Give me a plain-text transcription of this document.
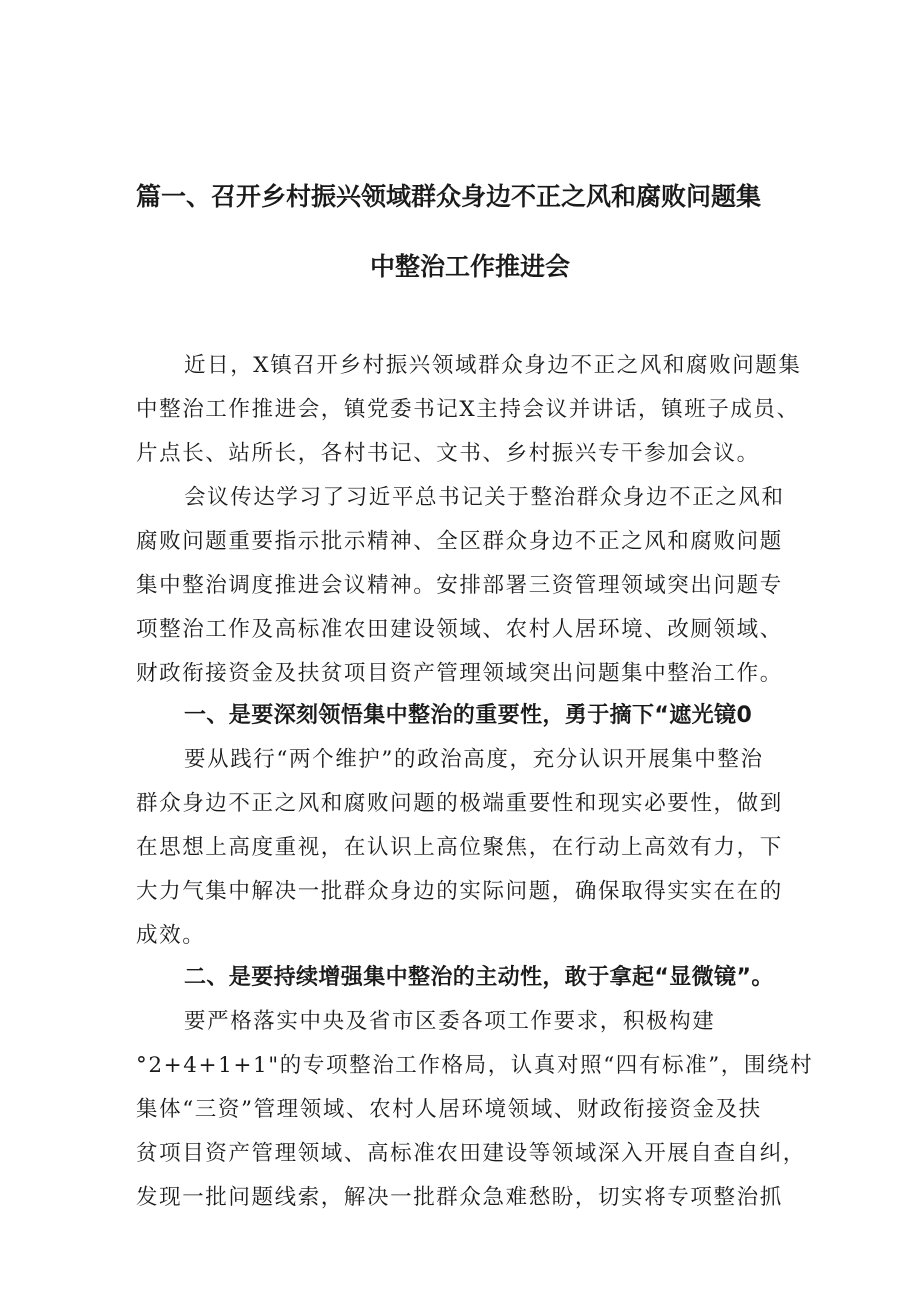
篇一、召开乡村振兴领域群众身边不正之风和腐败问题集
中整治工作推进会
近日，X镇召开乡村振兴领域群众身边不正之风和腐败问题集
中整治工作推进会，镇党委书记X主持会议并讲话，镇班子成员、
片点长、站所长，各村书记、文书、乡村振兴专干参加会议。
会议传达学习了习近平总书记关于整治群众身边不正之风和
腐败问题重要指示批示精神、全区群众身边不正之风和腐败问题
集中整治调度推进会议精神。安排部署三资管理领域突出问题专
项整治工作及高标准农田建设领域、农村人居环境、改厕领域、
财政衔接资金及扶贫项目资产管理领域突出问题集中整治工作。
一、是要深刻领悟集中整治的重要性，勇于摘下“遮光镜0
要从践行“两个维护”的政治高度，充分认识开展集中整治
群众身边不正之风和腐败问题的极端重要性和现实必要性，做到
在思想上高度重视，在认识上高位聚焦，在行动上高效有力，下
大力气集中解决一批群众身边的实际问题，确保取得实实在在的
成效。
二、是要持续增强集中整治的主动性，敢于拿起“显微镜”。
要严格落实中央及省市区委各项工作要求，积极构建
°2+4+1+1"的专项整治工作格局，认真对照“四有标准”，围绕村
集体“三资”管理领域、农村人居环境领域、财政衔接资金及扶
贫项目资产管理领域、高标准农田建设等领域深入开展自查自纠，
发现一批问题线索，解决一批群众急难愁盼，切实将专项整治抓
